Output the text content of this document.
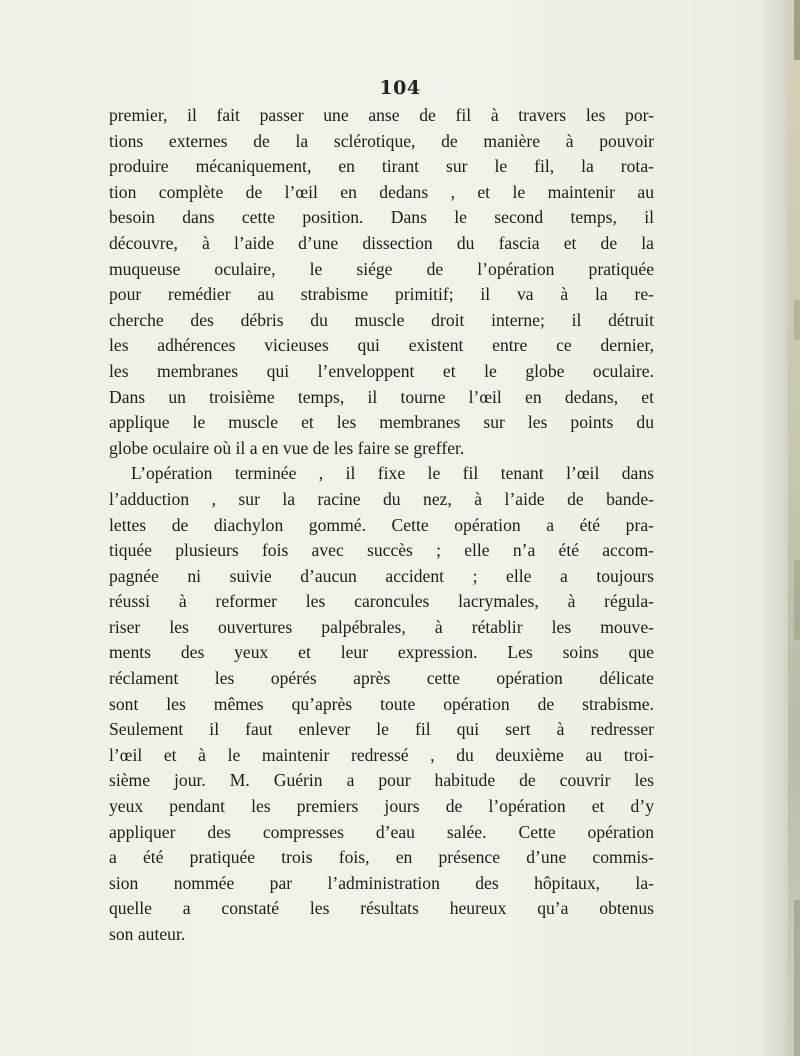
104
premier, il fait passer une anse de fil à travers les por-
tions externes de la sclérotique, de manière à pouvoir
produire mécaniquement, en tirant sur le fil, la rota-
tion complète de l’œil en dedans , et le maintenir au
besoin dans cette position. Dans le second temps, il
découvre, à l’aide d’une dissection du fascia et de la
muqueuse oculaire, le siége de l’opération pratiquée
pour remédier au strabisme primitif; il va à la re-
cherche des débris du muscle droit interne; il détruit
les adhérences vicieuses qui existent entre ce dernier,
les membranes qui l’enveloppent et le globe oculaire.
Dans un troisième temps, il tourne l’œil en dedans, et
applique le muscle et les membranes sur les points du
globe oculaire où il a en vue de les faire se greffer.
L’opération terminée , il fixe le fil tenant l’œil dans
l’adduction , sur la racine du nez, à l’aide de bande-
lettes de diachylon gommé. Cette opération a été pra-
tiquée plusieurs fois avec succès ; elle n’a été accom-
pagnée ni suivie d’aucun accident ; elle a toujours
réussi à reformer les caroncules lacrymales, à régula-
riser les ouvertures palpébrales, à rétablir les mouve-
ments des yeux et leur expression. Les soins que
réclament les opérés après cette opération délicate
sont les mêmes qu’après toute opération de strabisme.
Seulement il faut enlever le fil qui sert à redresser
l’œil et à le maintenir redressé , du deuxième au troi-
sième jour. M. Guérin a pour habitude de couvrir les
yeux pendant les premiers jours de l’opération et d’y
appliquer des compresses d’eau salée. Cette opération
a été pratiquée trois fois, en présence d’une commis-
sion nommée par l’administration des hôpitaux, la-
quelle a constaté les résultats heureux qu’a obtenus
son auteur.
